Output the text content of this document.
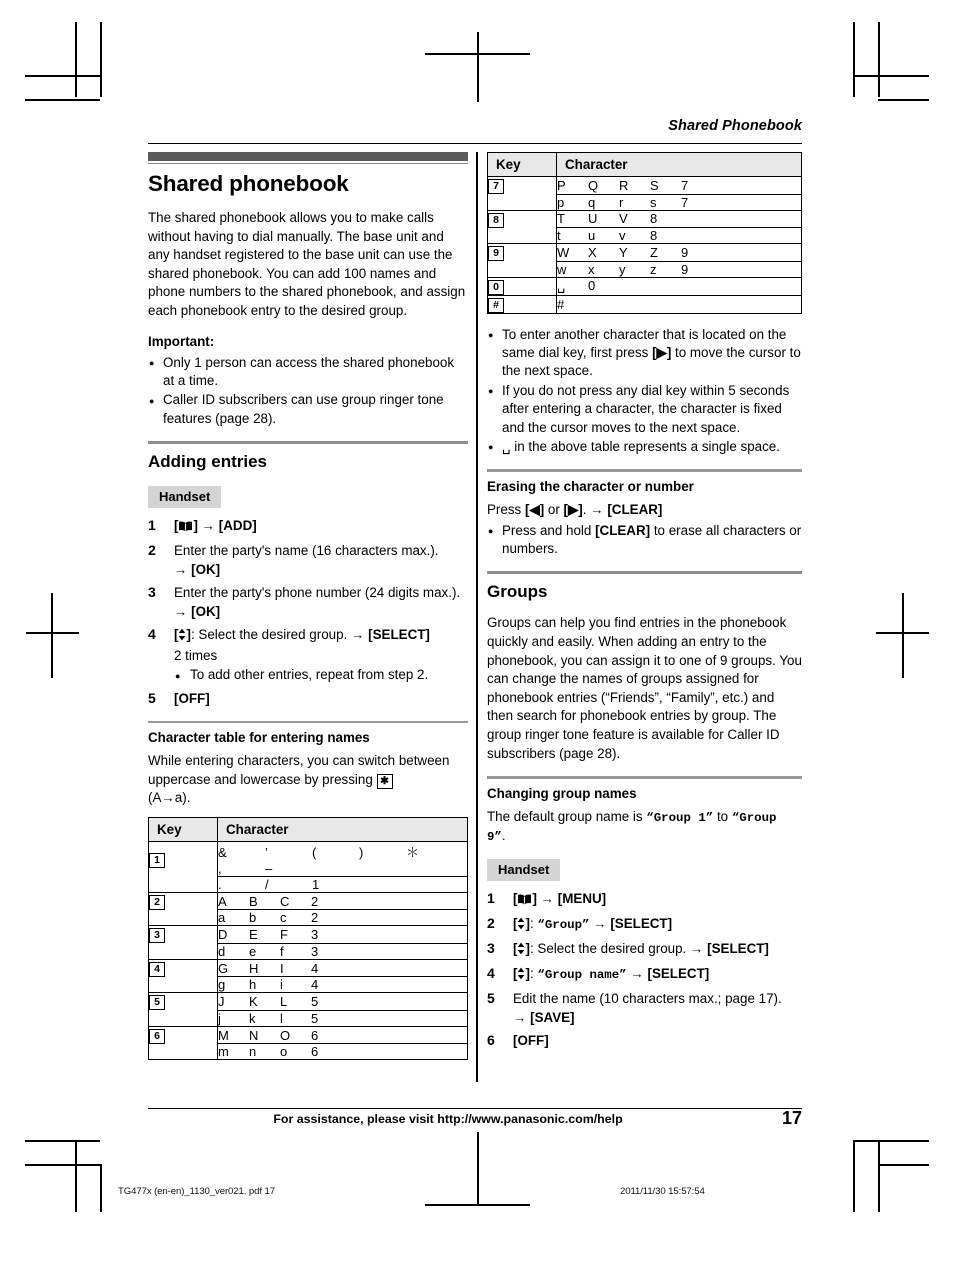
Shared Phonebook
Shared phonebook

The shared phonebook allows you to make calls without having to dial manually. The base unit and any handset registered to the base unit can use the shared phonebook. You can add 100 names and phone numbers to the shared phonebook, and assign each phonebook entry to the desired group.

Important:
● Only 1 person can access the shared phonebook at a time.
● Caller ID subscribers can use group ringer tone features (page 28).
Adding entries
Handset
1 [ ] → [ADD]
2 Enter the party's name (16 characters max.).
→ [OK]
3 Enter the party's phone number (24 digits max.). → [OK]
4 [ ]: Select the desired group. → [SELECT]
2 times
● To add other entries, repeat from step 2.
5 [OFF]
Character table for entering names

While entering characters, you can switch between uppercase and lowercase by pressing ✱
(A→a).

Key	Character
1	& ’ ( ) ＊, –
	. / 1
2	A B C 2
	a b c 2
3	D E F 3
	d e f 3
4	G H I 4
	g h i 4
5	J K L 5
	j k l 5
6	M N O 6
	m n o 6
Key	Character
7	P Q R S 7
	p q r s 7
8	T U V 8
	t u v 8
9	W X Y Z 9
	w x y z 9
0	␣ 0
#	#
● To enter another character that is located on the same dial key, first press [▶] to move the cursor to the next space.
● If you do not press any dial key within 5 seconds after entering a character, the character is fixed and the cursor moves to the next space.
● ␣ in the above table represents a single space.
Erasing the character or number

Press [◀] or [▶]. → [CLEAR]

● Press and hold [CLEAR] to erase all characters or numbers.
Groups

Groups can help you find entries in the phonebook quickly and easily. When adding an entry to the phonebook, you can assign it to one of 9 groups. You can change the names of groups assigned for phonebook entries (“Friends”, “Family”, etc.) and then search for phonebook entries by group. The group ringer tone feature is available for Caller ID subscribers (page 28).

Changing group names

The default group name is “Group 1” to “Group 9”.

Handset
1 [ ] → [MENU]
2 [ ]: “Group” → [SELECT]
3 [ ]: Select the desired group. → [SELECT]
4 [ ]: “Group name” → [SELECT]
5 Edit the name (10 characters max.; page 17).
→ [SAVE]
6 [OFF]
For assistance, please visit http://www.panasonic.com/help	17
TG477x (en-en)_1130_ver021. pdf 17	2011/11/30 15:57:54
